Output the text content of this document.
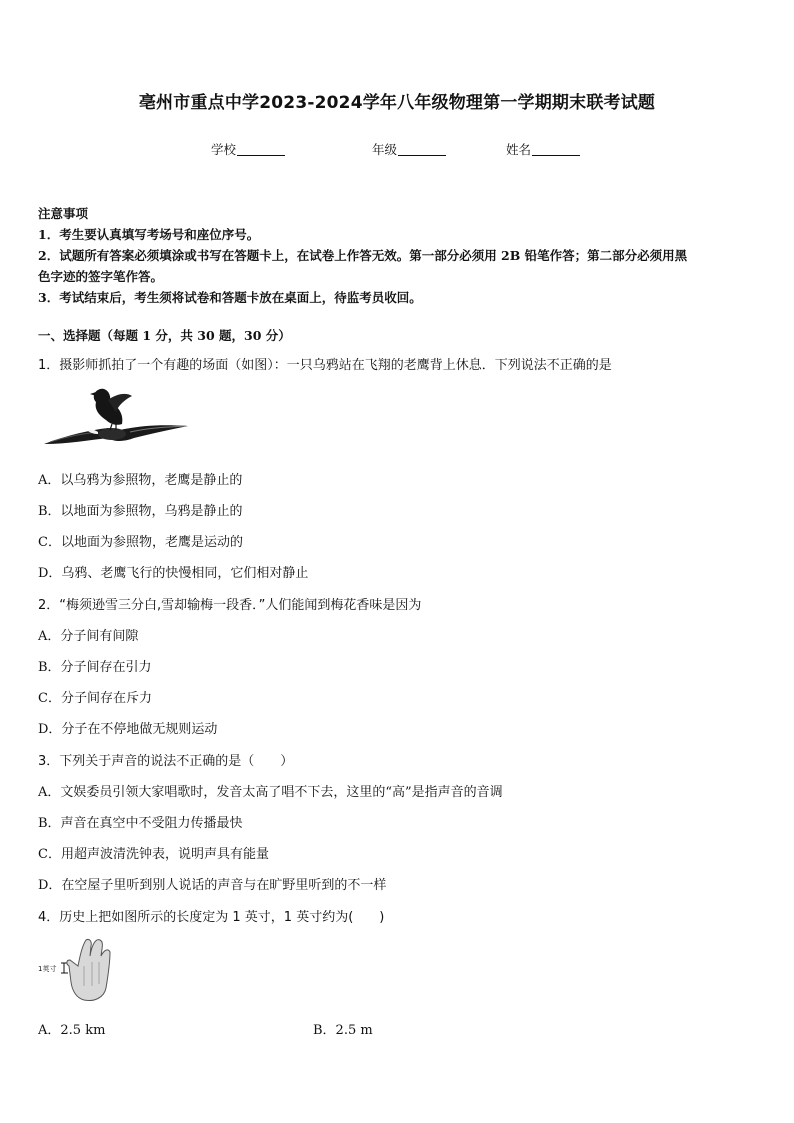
亳州市重点中学2023-2024学年八年级物理第一学期期末联考试题
学校	年级	姓名
注意事项
1．考生要认真填写考场号和座位序号。
2．试题所有答案必须填涂或书写在答题卡上，在试卷上作答无效。第一部分必须用 2B 铅笔作答；第二部分必须用黑
色字迹的签字笔作答。
3．考试结束后，考生须将试卷和答题卡放在桌面上，待监考员收回。
一、选择题（每题 1 分，共 30 题，30 分）
1．摄影师抓拍了一个有趣的场面（如图）：一只乌鸦站在飞翔的老鹰背上休息．下列说法不正确的是
A．以乌鸦为参照物，老鹰是静止的
B．以地面为参照物，乌鸦是静止的
C．以地面为参照物，老鹰是运动的
D．乌鸦、老鹰飞行的快慢相同，它们相对静止
2．“梅须逊雪三分白,雪却输梅一段香．”人们能闻到梅花香味是因为
A．分子间有间隙
B．分子间存在引力
C．分子间存在斥力
D．分子在不停地做无规则运动
3．下列关于声音的说法不正确的是（　　）
A．文娱委员引领大家唱歌时，发音太高了唱不下去，这里的“高”是指声音的音调
B．声音在真空中不受阻力传播最快
C．用超声波清洗钟表，说明声具有能量
D．在空屋子里听到别人说话的声音与在旷野里听到的不一样
4．历史上把如图所示的长度定为 1 英寸，1 英寸约为(　　)
1英寸
A．2.5 km	B．2.5 m
